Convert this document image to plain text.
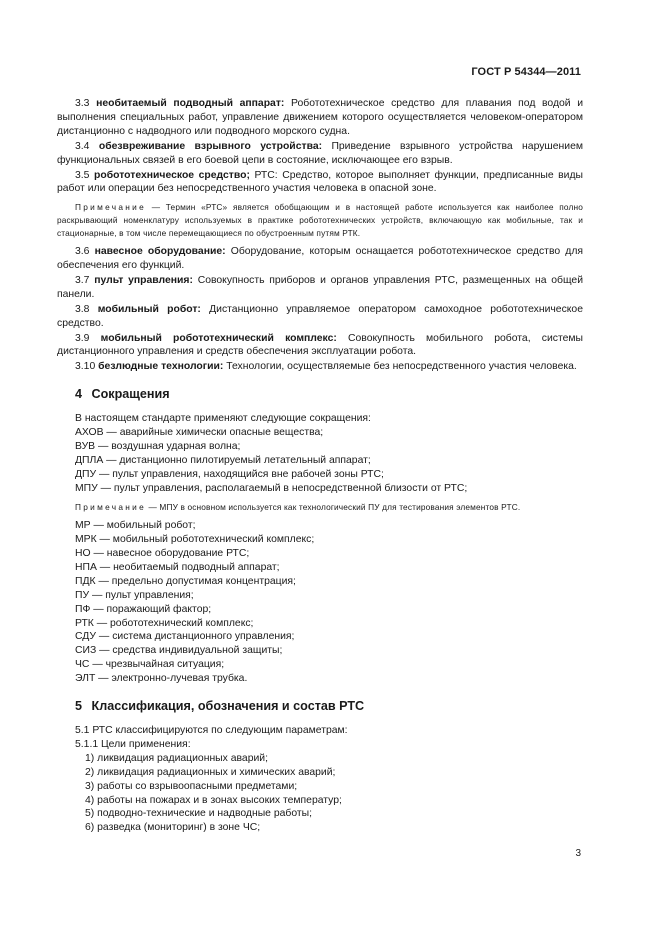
ГОСТ Р 54344—2011

3.3 необитаемый подводный аппарат: Робототехническое средство для плавания под водой и выполнения специальных работ, управление движением которого осуществляется человеком-оператором дистанционно с надводного или подводного морского судна.

3.4 обезвреживание взрывного устройства: Приведение взрывного устройства нарушением функциональных связей в его боевой цепи в состояние, исключающее его взрыв.

3.5 робототехническое средство; РТС: Средство, которое выполняет функции, предписанные виды работ или операции без непосредственного участия человека в опасной зоне.

Примечание — Термин «РТС» является обобщающим и в настоящей работе используется как наиболее полно раскрывающий номенклатуру используемых в практике робототехнических устройств, включающую как мобильные, так и стационарные, в том числе перемещающиеся по обустроенным путям РТК.

3.6 навесное оборудование: Оборудование, которым оснащается робототехническое средство для обеспечения его функций.

3.7 пульт управления: Совокупность приборов и органов управления РТС, размещенных на общей панели.

3.8 мобильный робот: Дистанционно управляемое оператором самоходное робототехническое средство.

3.9 мобильный робототехнический комплекс: Совокупность мобильного робота, системы дистанционного управления и средств обеспечения эксплуатации робота.

3.10 безлюдные технологии: Технологии, осуществляемые без непосредственного участия человека.

4 Сокращения

В настоящем стандарте применяют следующие сокращения:

АХОВ — аварийные химически опасные вещества;

ВУВ — воздушная ударная волна;

ДПЛА — дистанционно пилотируемый летательный аппарат;

ДПУ — пульт управления, находящийся вне рабочей зоны РТС;

МПУ — пульт управления, располагаемый в непосредственной близости от РТС;

Примечание — МПУ в основном используется как технологический ПУ для тестирования элементов РТС.

МР — мобильный робот;

МРК — мобильный робототехнический комплекс;

НО — навесное оборудование РТС;

НПА — необитаемый подводный аппарат;

ПДК — предельно допустимая концентрация;

ПУ — пульт управления;

ПФ — поражающий фактор;

РТК — робототехнический комплекс;

СДУ — система дистанционного управления;

СИЗ — средства индивидуальной защиты;

ЧС — чрезвычайная ситуация;

ЭЛТ — электронно-лучевая трубка.

5 Классификация, обозначения и состав РТС

5.1 РТС классифицируются по следующим параметрам:

5.1.1 Цели применения:

1) ликвидация радиационных аварий;

2) ликвидация радиационных и химических аварий;

3) работы со взрывоопасными предметами;

4) работы на пожарах и в зонах высоких температур;

5) подводно-технические и надводные работы;

6) разведка (мониторинг) в зоне ЧС;

3
